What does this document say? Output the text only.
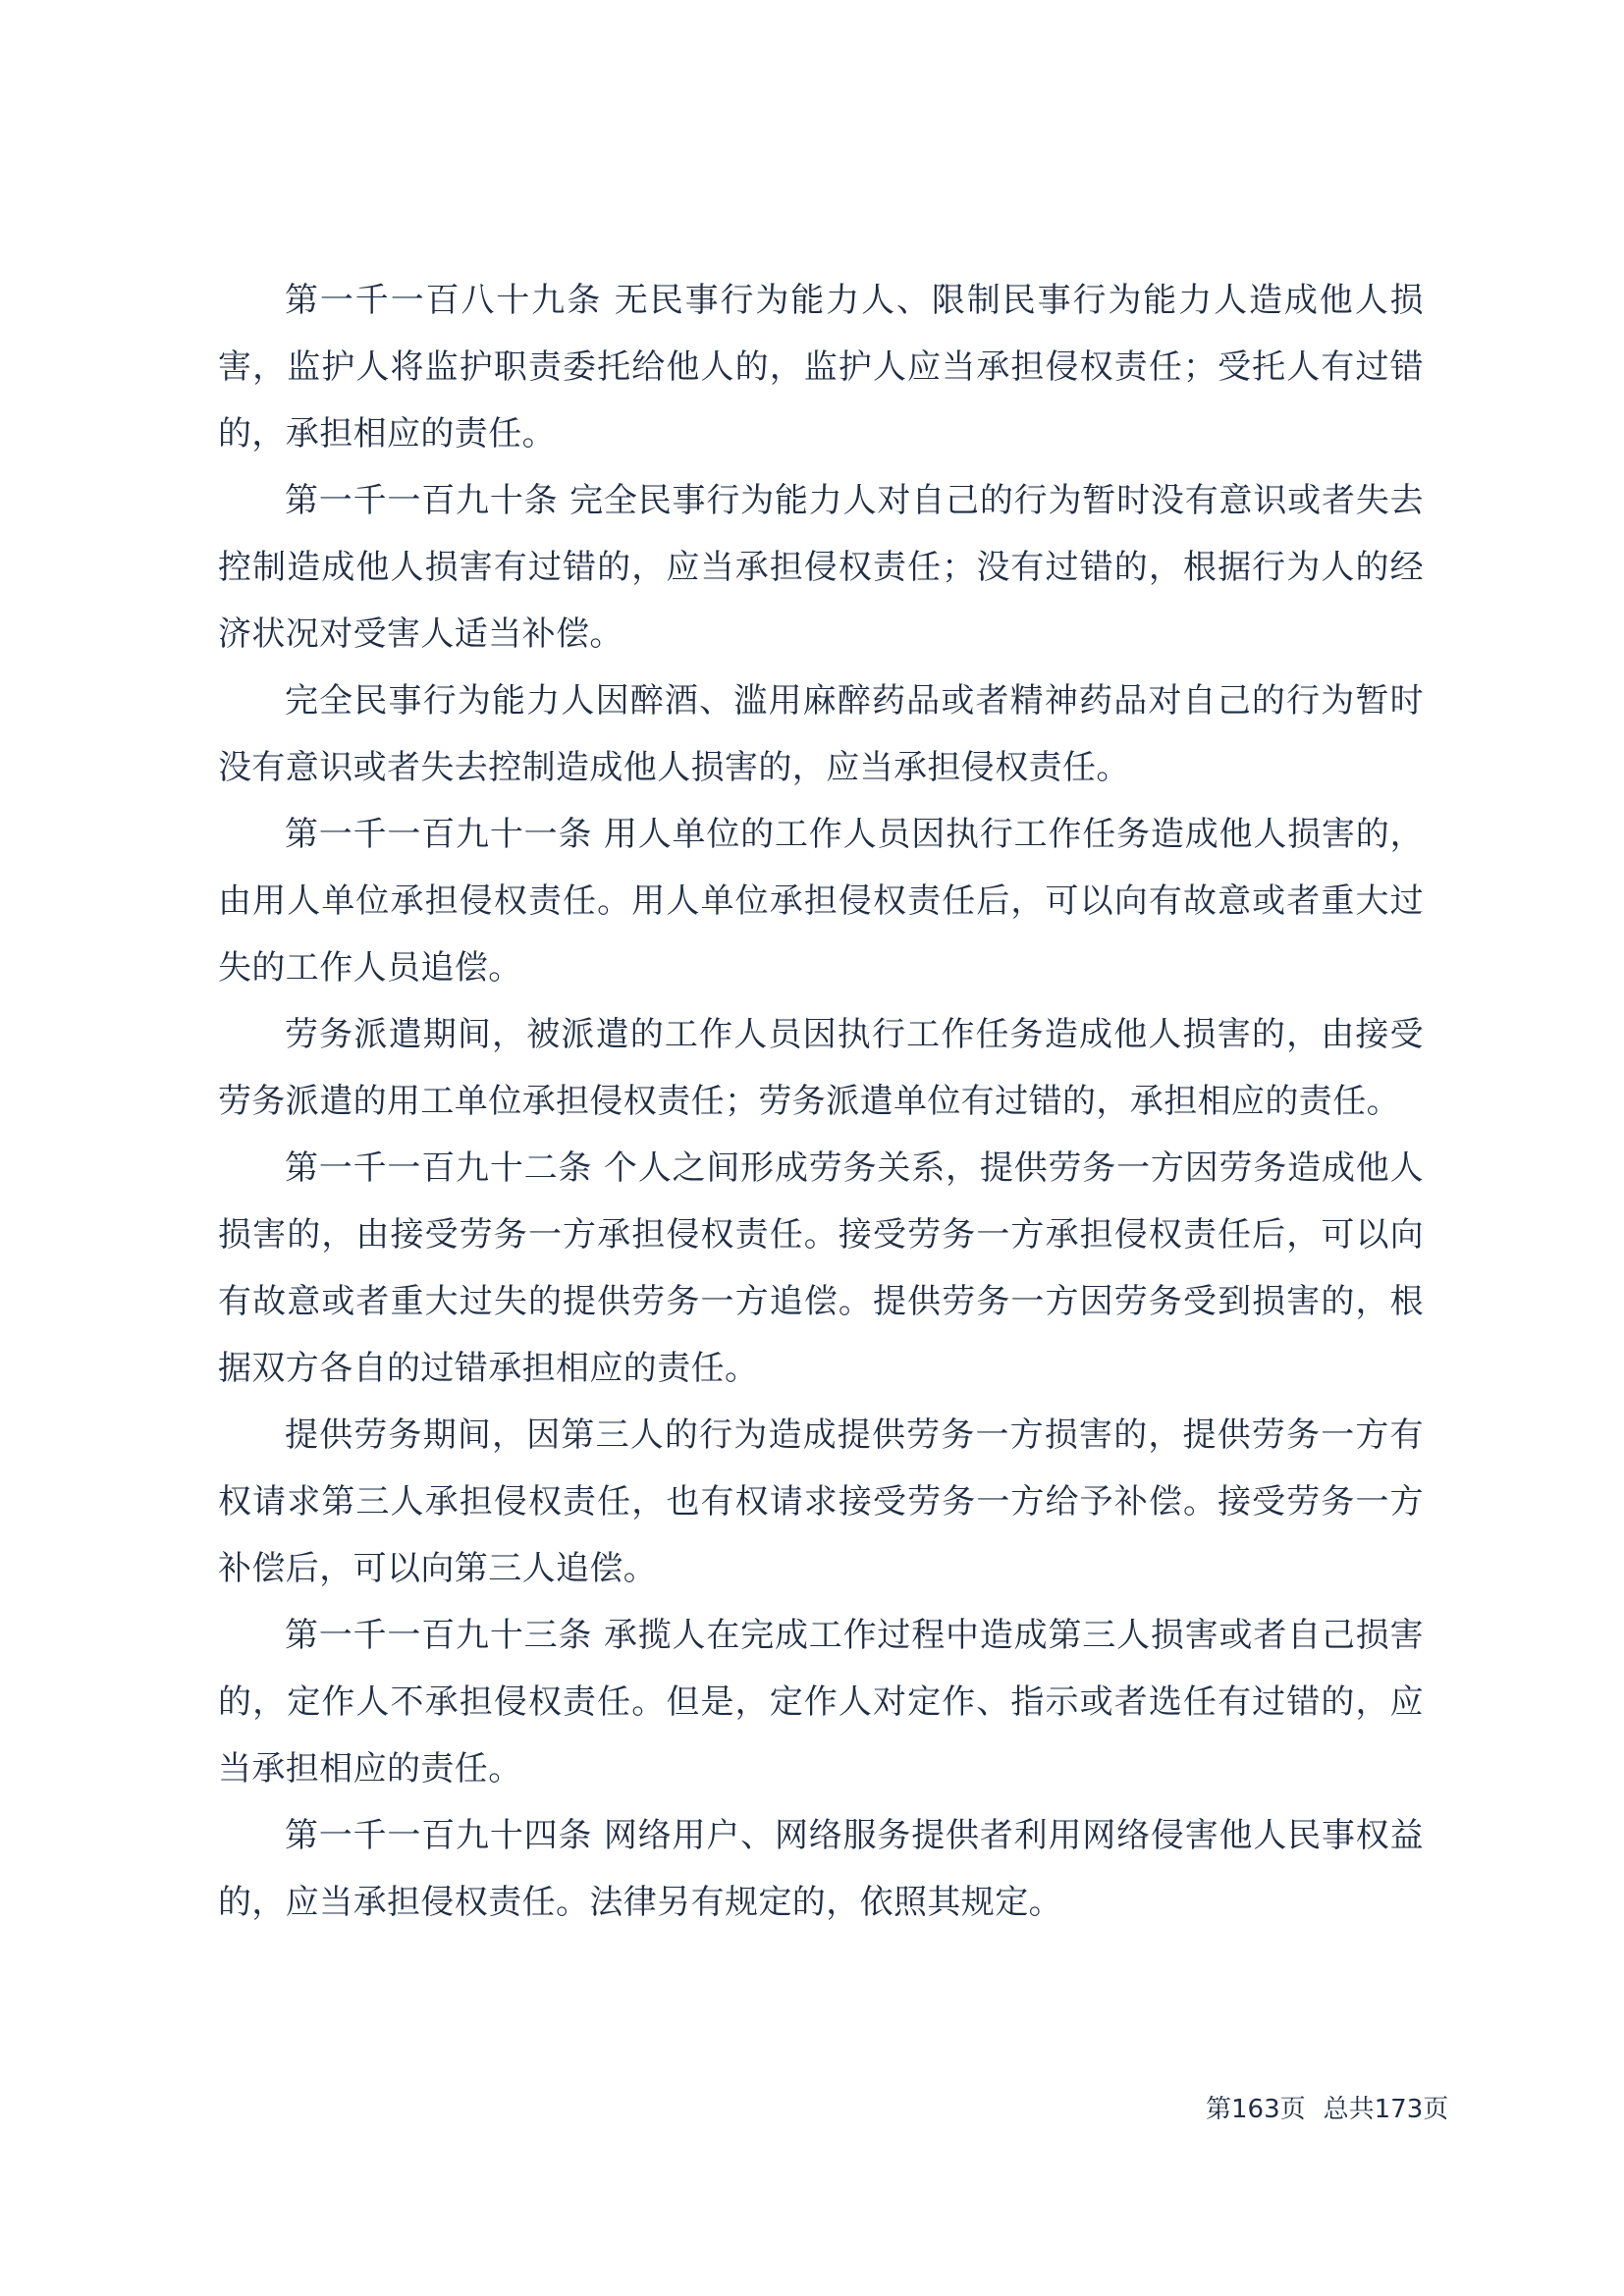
第一千一百八十九条 无民事行为能力人、限制民事行为能力人造成他人损害，监护人将监护职责委托给他人的，监护人应当承担侵权责任；受托人有过错的，承担相应的责任。

第一千一百九十条 完全民事行为能力人对自己的行为暂时没有意识或者失去控制造成他人损害有过错的，应当承担侵权责任；没有过错的，根据行为人的经济状况对受害人适当补偿。

完全民事行为能力人因醉酒、滥用麻醉药品或者精神药品对自己的行为暂时没有意识或者失去控制造成他人损害的，应当承担侵权责任。

第一千一百九十一条 用人单位的工作人员因执行工作任务造成他人损害的，由用人单位承担侵权责任。用人单位承担侵权责任后，可以向有故意或者重大过失的工作人员追偿。

劳务派遣期间，被派遣的工作人员因执行工作任务造成他人损害的，由接受劳务派遣的用工单位承担侵权责任；劳务派遣单位有过错的，承担相应的责任。

第一千一百九十二条 个人之间形成劳务关系，提供劳务一方因劳务造成他人损害的，由接受劳务一方承担侵权责任。接受劳务一方承担侵权责任后，可以向有故意或者重大过失的提供劳务一方追偿。提供劳务一方因劳务受到损害的，根据双方各自的过错承担相应的责任。

提供劳务期间，因第三人的行为造成提供劳务一方损害的，提供劳务一方有权请求第三人承担侵权责任，也有权请求接受劳务一方给予补偿。接受劳务一方补偿后，可以向第三人追偿。

第一千一百九十三条 承揽人在完成工作过程中造成第三人损害或者自己损害的，定作人不承担侵权责任。但是，定作人对定作、指示或者选任有过错的，应当承担相应的责任。

第一千一百九十四条 网络用户、网络服务提供者利用网络侵害他人民事权益的，应当承担侵权责任。法律另有规定的，依照其规定。

第163页 总共173页
